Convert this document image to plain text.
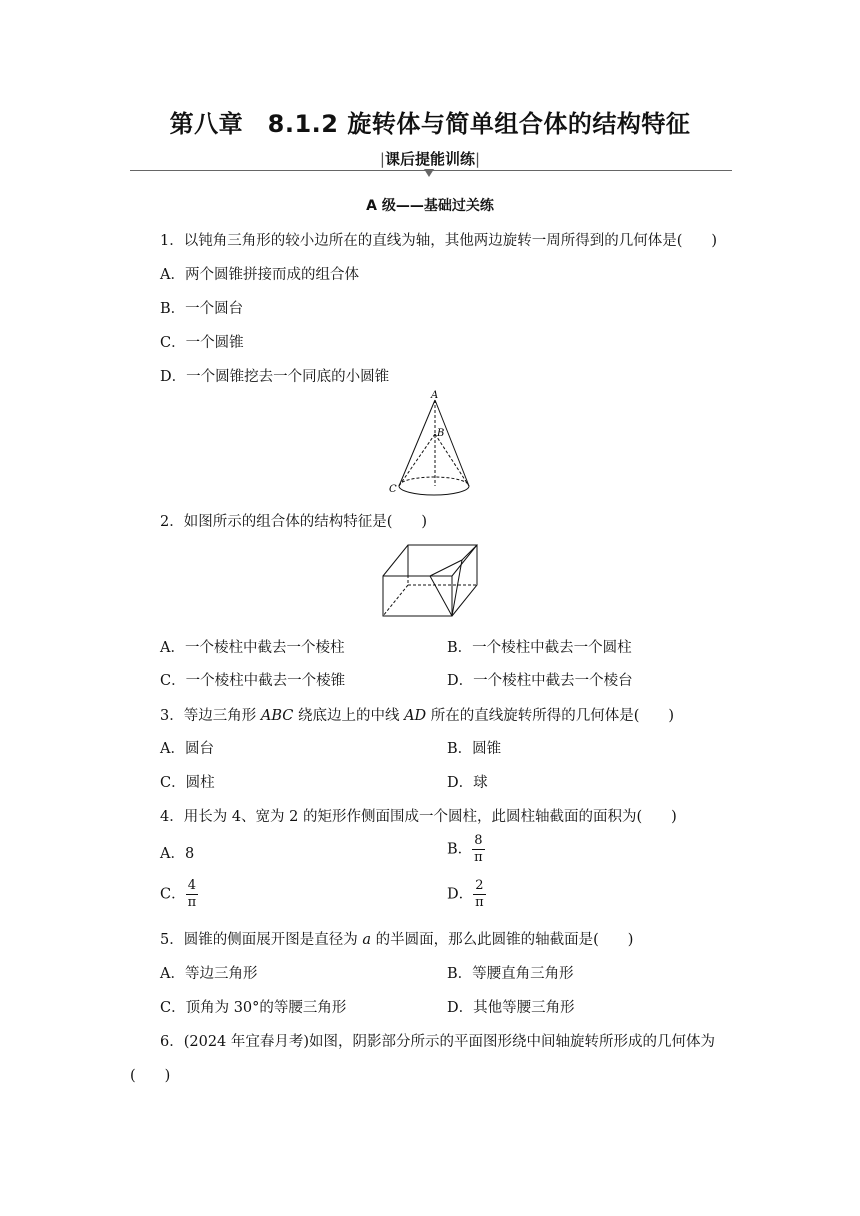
第八章　8.1.2 旋转体与简单组合体的结构特征
|课后提能训练|
A 级——基础过关练
1．以钝角三角形的较小边所在的直线为轴，其他两边旋转一周所得到的几何体是(　　)
A．两个圆锥拼接而成的组合体
B．一个圆台
C．一个圆锥
D．一个圆锥挖去一个同底的小圆锥
A
B
C
2．如图所示的组合体的结构特征是(　　)
A．一个棱柱中截去一个棱柱	B．一个棱柱中截去一个圆柱
C．一个棱柱中截去一个棱锥	D．一个棱柱中截去一个棱台
3．等边三角形 ABC 绕底边上的中线 AD 所在的直线旋转所得的几何体是(　　)
A．圆台	B．圆锥
C．圆柱	D．球
4．用长为 4、宽为 2 的矩形作侧面围成一个圆柱，此圆柱轴截面的面积为(　　)
A．8	B． $\frac{8}{\pi}$
C． $\frac{4}{\pi}$	D． $\frac{2}{\pi}$
5．圆锥的侧面展开图是直径为 a 的半圆面，那么此圆锥的轴截面是(　　)
A．等边三角形	B．等腰直角三角形
C．顶角为 30°的等腰三角形	D．其他等腰三角形
6．(2024 年宜春月考)如图，阴影部分所示的平面图形绕中间轴旋转所形成的几何体为
(　　)
